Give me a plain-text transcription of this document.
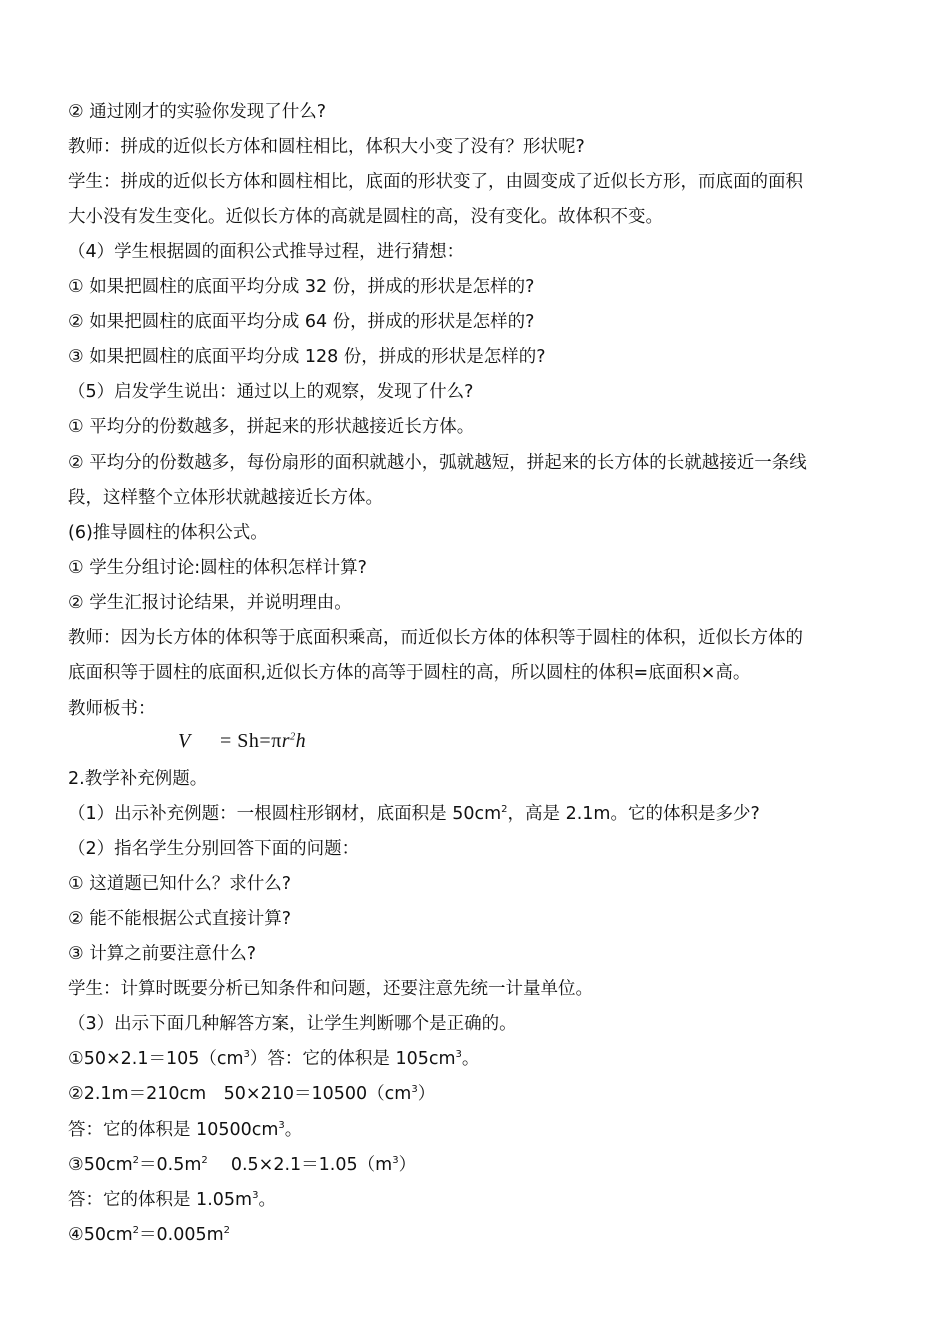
② 通过刚才的实验你发现了什么?
教师：拼成的近似长方体和圆柱相比，体积大小变了没有？形状呢?
学生：拼成的近似长方体和圆柱相比，底面的形状变了，由圆变成了近似长方形，而底面的面积
大小没有发生变化。近似长方体的高就是圆柱的高，没有变化。故体积不变。
（4）学生根据圆的面积公式推导过程，进行猜想：
① 如果把圆柱的底面平均分成 32 份，拼成的形状是怎样的?
② 如果把圆柱的底面平均分成 64 份，拼成的形状是怎样的?
③ 如果把圆柱的底面平均分成 128 份，拼成的形状是怎样的?
（5）启发学生说出：通过以上的观察，发现了什么?
① 平均分的份数越多，拼起来的形状越接近长方体。
② 平均分的份数越多，每份扇形的面积就越小，弧就越短，拼起来的长方体的长就越接近一条线
段，这样整个立体形状就越接近长方体。
(6)推导圆柱的体积公式。
① 学生分组讨论:圆柱的体积怎样计算?
② 学生汇报讨论结果，并说明理由。
教师：因为长方体的体积等于底面积乘高，而近似长方体的体积等于圆柱的体积，近似长方体的
底面积等于圆柱的底面积,近似长方体的高等于圆柱的高，所以圆柱的体积=底面积×高。
教师板书：
$V = Sh=\pi r^2h$
2.教学补充例题。
（1）出示补充例题：一根圆柱形钢材，底面积是 $50cm^2$，高是 2.1m。它的体积是多少?
（2）指名学生分别回答下面的问题：
① 这道题已知什么？求什么?
② 能不能根据公式直接计算?
③ 计算之前要注意什么?
学生：计算时既要分析已知条件和问题，还要注意先统一计量单位。
（3）出示下面几种解答方案，让学生判断哪个是正确的。
$①50\times 2.1=105(cm^3)$答：它的体积是 $105cm^3$。
②2.1m＝210cm　$50\times 210=10500(cm^3)$
答：它的体积是 $10500cm^3$。
$③50cm^2=0.5m^2$　 $0.5\times 2.1=1.05(m^3)$
答：它的体积是 $1.05m^3$。
$④50cm^2=0.005m^2$
